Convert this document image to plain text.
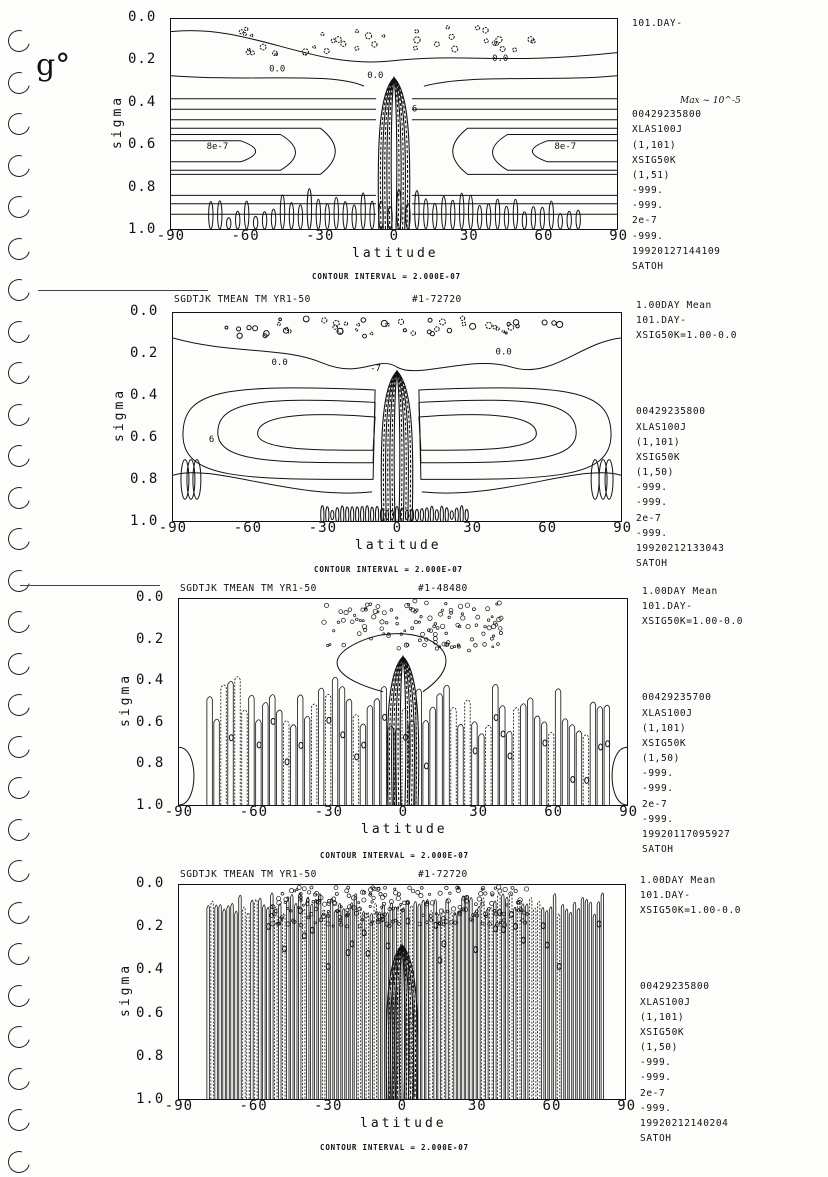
g°
Max ~ 10^-5
0.0
0.0
0.0
8e-7	8e-7
6
0.0
0.2
0.4
0.6
0.8
1.0
sigma
-90	-60	-30	0	30	60	90
latitude
CONTOUR INTERVAL = 2.000E-07
101.DAY-
00429235800
XLAS100J
(1,101)
XSIG50K
(1,51)
-999.
-999.
2e-7
-999.
19920127144109
SATOH
SGDTJK TMEAN TM YR1-50	#1-72720
0.0
0.0
-7
6
0.0
0.2
0.4
0.6
0.8
1.0
sigma
-90	-60	-30	0	30	60	90
latitude
CONTOUR INTERVAL = 2.000E-07
1.00DAY Mean
101.DAY-
XSIG50K=1.00-0.0
00429235800
XLAS100J
(1,101)
XSIG50K
(1,50)
-999.
-999.
2e-7
-999.
19920212133043
SATOH
SGDTJK TMEAN TM YR1-50	#1-48480
0.0
0.2
0.4
0.6
0.8
1.0
sigma
-90	-60	-30	0	30	60	90
latitude
CONTOUR INTERVAL = 2.000E-07
1.00DAY Mean
101.DAY-
XSIG50K=1.00-0.0
00429235700
XLAS100J
(1,101)
XSIG50K
(1,50)
-999.
-999.
2e-7
-999.
19920117095927
SATOH
SGDTJK TMEAN TM YR1-50	#1-72720
0.0
0.2
0.4
0.6
0.8
1.0
sigma
-90	-60	-30	0	30	60	90
latitude
CONTOUR INTERVAL = 2.000E-07
1.00DAY Mean
101.DAY-
XSIG50K=1.00-0.0
00429235800
XLAS100J
(1,101)
XSIG50K
(1,50)
-999.
-999.
2e-7
-999.
19920212140204
SATOH
